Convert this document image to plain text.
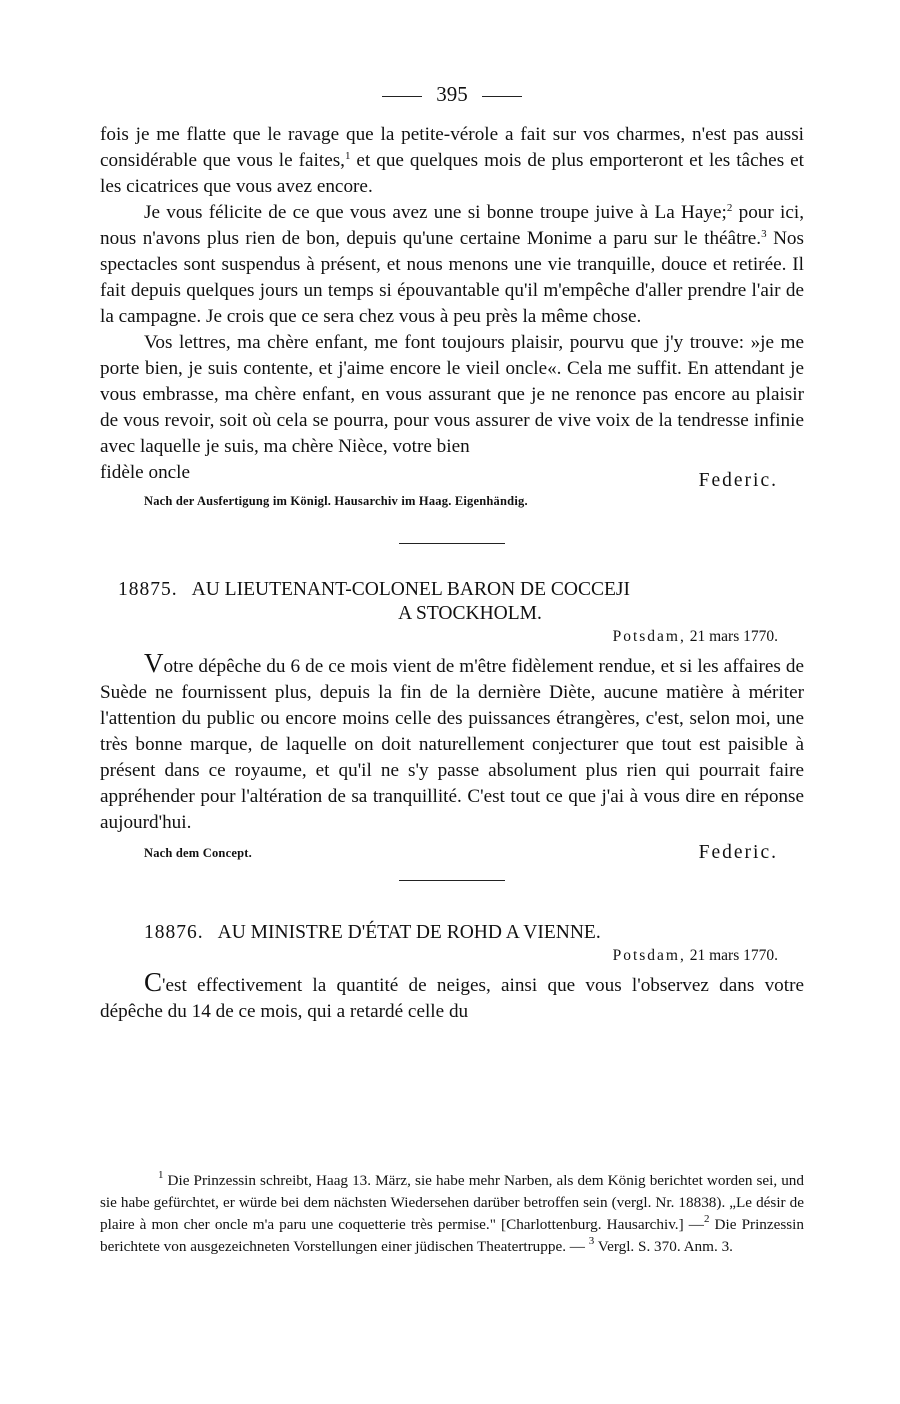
395

fois je me flatte que le ravage que la petite-vérole a fait sur vos charmes, n'est pas aussi considérable que vous le faites,$^1$ et que quelques mois de plus emporteront et les tâches et les cicatrices que vous avez encore.

Je vous félicite de ce que vous avez une si bonne troupe juive à La Haye;$^2$ pour ici, nous n'avons plus rien de bon, depuis qu'une certaine Monime a paru sur le théâtre.$^3$ Nos spectacles sont suspendus à présent, et nous menons une vie tranquille, douce et retirée. Il fait depuis quelques jours un temps si épouvantable qu'il m'empêche d'aller prendre l'air de la campagne. Je crois que ce sera chez vous à peu près la même chose.

Vos lettres, ma chère enfant, me font toujours plaisir, pourvu que j'y trouve: »je me porte bien, je suis contente, et j'aime encore le vieil oncle«. Cela me suffit. En attendant je vous embrasse, ma chère enfant, en vous assurant que je ne renonce pas encore au plaisir de vous revoir, soit où cela se pourra, pour vous assurer de vive voix de la tendresse infinie avec laquelle je suis, ma chère Nièce, votre bien

fidèle oncle	Federic.
Nach der Ausfertigung im Königl. Hausarchiv im Haag. Eigenhändig.
18875. AU LIEUTENANT-COLONEL BARON DE COCCEJI
A STOCKHOLM.
Potsdam, 21 mars 1770.

Votre dépêche du 6 de ce mois vient de m'être fidèlement rendue, et si les affaires de Suède ne fournissent plus, depuis la fin de la dernière Diète, aucune matière à mériter l'attention du public ou encore moins celle des puissances étrangères, c'est, selon moi, une très bonne marque, de laquelle on doit naturellement conjecturer que tout est paisible à présent dans ce royaume, et qu'il ne s'y passe absolument plus rien qui pourrait faire appréhender pour l'altération de sa tranquillité. C'est tout ce que j'ai à vous dire en réponse aujourd'hui.

Nach dem Concept.	Federic.
18876. AU MINISTRE D'ÉTAT DE ROHD A VIENNE.
Potsdam, 21 mars 1770.

C'est effectivement la quantité de neiges, ainsi que vous l'observez dans votre dépêche du 14 de ce mois, qui a retardé celle du

$^1$ Die Prinzessin schreibt, Haag 13. März, sie habe mehr Narben, als dem König berichtet worden sei, und sie habe gefürchtet, er würde bei dem nächsten Wiedersehen darüber betroffen sein (vergl. Nr. 18838). „Le désir de plaire à mon cher oncle m'a paru une coquetterie très permise." [Charlottenburg. Hausarchiv.] —$^2$ Die Prinzessin berichtete von ausgezeichneten Vorstellungen einer jüdischen Theatertruppe. — $^3$ Vergl. S. 370. Anm. 3.
